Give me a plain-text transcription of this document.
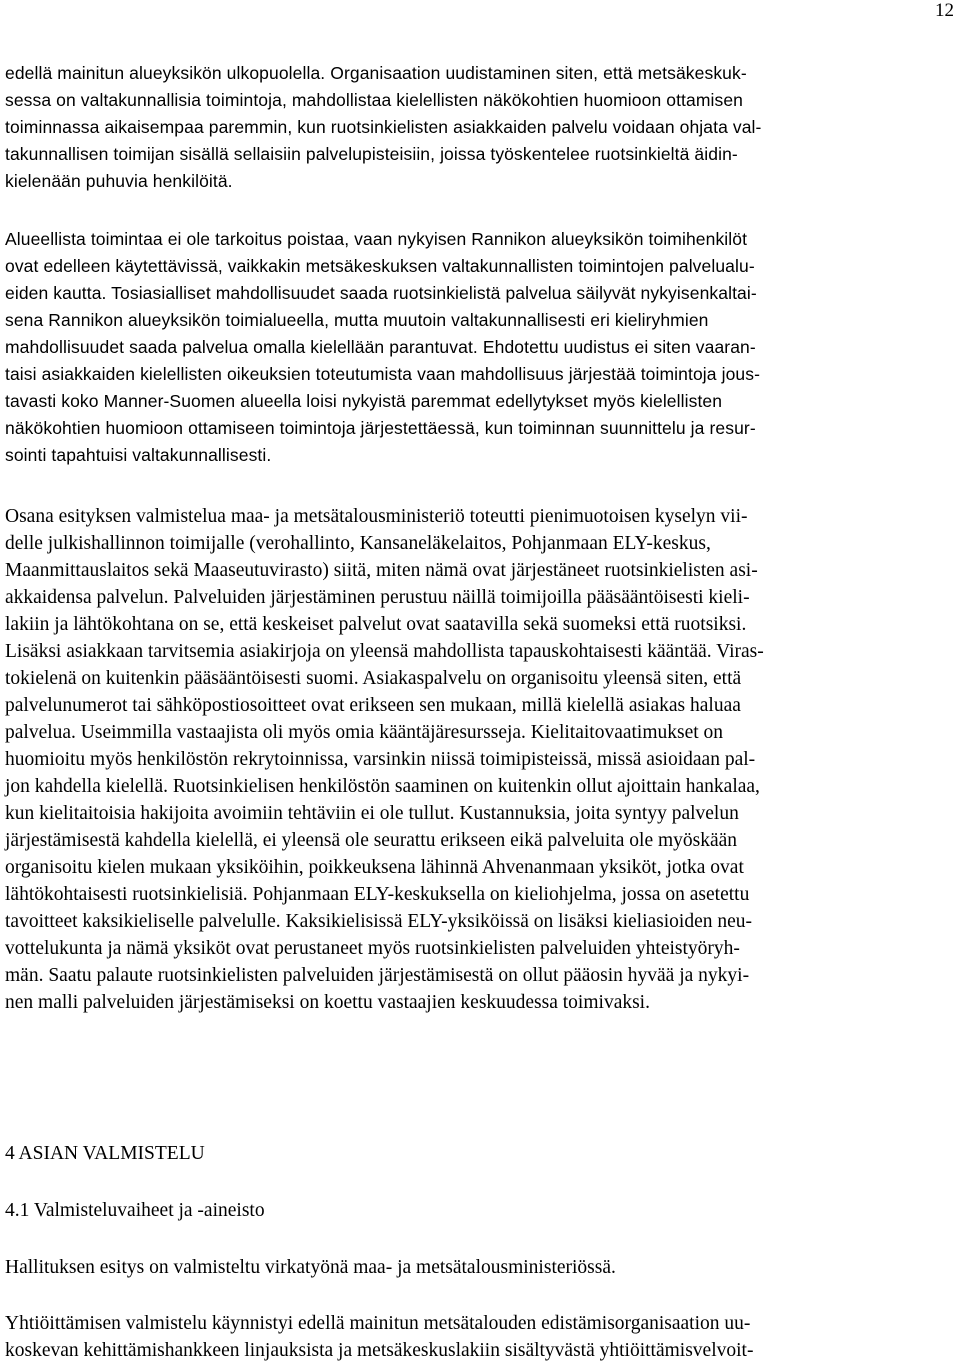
12

edellä mainitun alueyksikön ulkopuolella. Organisaation uudistaminen siten, että metsäkeskuk-

sessa on valtakunnallisia toimintoja, mahdollistaa kielellisten näkökohtien huomioon ottamisen

toiminnassa aikaisempaa paremmin, kun ruotsinkielisten asiakkaiden palvelu voidaan ohjata val-

takunnallisen toimijan sisällä sellaisiin palvelupisteisiin, joissa työskentelee ruotsinkieltä äidin-

kielenään puhuvia henkilöitä.

Alueellista toimintaa ei ole tarkoitus poistaa, vaan nykyisen Rannikon alueyksikön toimihenkilöt

ovat edelleen käytettävissä, vaikkakin metsäkeskuksen valtakunnallisten toimintojen palvelualu-

eiden kautta. Tosiasialliset mahdollisuudet saada ruotsinkielistä palvelua säilyvät nykyisenkaltai-

sena Rannikon alueyksikön toimialueella, mutta muutoin valtakunnallisesti eri kieliryhmien

mahdollisuudet saada palvelua omalla kielellään parantuvat. Ehdotettu uudistus ei siten vaaran-

taisi asiakkaiden kielellisten oikeuksien toteutumista vaan mahdollisuus järjestää toimintoja jous-

tavasti koko Manner-Suomen alueella loisi nykyistä paremmat edellytykset myös kielellisten

näkökohtien huomioon ottamiseen toimintoja järjestettäessä, kun toiminnan suunnittelu ja resur-

sointi tapahtuisi valtakunnallisesti.

Osana esityksen valmistelua maa- ja metsätalousministeriö toteutti pienimuotoisen kyselyn vii-

delle julkishallinnon toimijalle (verohallinto, Kansaneläkelaitos, Pohjanmaan ELY-keskus,

Maanmittauslaitos sekä Maaseutuvirasto) siitä, miten nämä ovat järjestäneet ruotsinkielisten asi-

akkaidensa palvelun. Palveluiden järjestäminen perustuu näillä toimijoilla pääsääntöisesti kieli-

lakiin ja lähtökohtana on se, että keskeiset palvelut ovat saatavilla sekä suomeksi että ruotsiksi.

Lisäksi asiakkaan tarvitsemia asiakirjoja on yleensä mahdollista tapauskohtaisesti kääntää. Viras-

tokielenä on kuitenkin pääsääntöisesti suomi. Asiakaspalvelu on organisoitu yleensä siten, että

palvelunumerot tai sähköpostiosoitteet ovat erikseen sen mukaan, millä kielellä asiakas haluaa

palvelua. Useimmilla vastaajista oli myös omia kääntäjäresursseja. Kielitaitovaatimukset on

huomioitu myös henkilöstön rekrytoinnissa, varsinkin niissä toimipisteissä, missä asioidaan pal-

jon kahdella kielellä. Ruotsinkielisen henkilöstön saaminen on kuitenkin ollut ajoittain hankalaa,

kun kielitaitoisia hakijoita avoimiin tehtäviin ei ole tullut. Kustannuksia, joita syntyy palvelun

järjestämisestä kahdella kielellä, ei yleensä ole seurattu erikseen eikä palveluita ole myöskään

organisoitu kielen mukaan yksiköihin, poikkeuksena lähinnä Ahvenanmaan yksiköt, jotka ovat

lähtökohtaisesti ruotsinkielisiä. Pohjanmaan ELY-keskuksella on kieliohjelma, jossa on asetettu

tavoitteet kaksikieliselle palvelulle. Kaksikielisissä ELY-yksiköissä on lisäksi kieliasioiden neu-

vottelukunta ja nämä yksiköt ovat perustaneet myös ruotsinkielisten palveluiden yhteistyöryh-

män. Saatu palaute ruotsinkielisten palveluiden järjestämisestä on ollut pääosin hyvää ja nykyi-

nen malli palveluiden järjestämiseksi on koettu vastaajien keskuudessa toimivaksi.

4 ASIAN VALMISTELU

4.1 Valmisteluvaiheet ja -aineisto

Hallituksen esitys on valmisteltu virkatyönä maa- ja metsätalousministeriössä.

Yhtiöittämisen valmistelu käynnistyi edellä mainitun metsätalouden edistämisorganisaation uu-

koskevan kehittämishankkeen linjauksista ja metsäkeskuslakiin sisältyvästä yhtiöittämisvelvoit-
